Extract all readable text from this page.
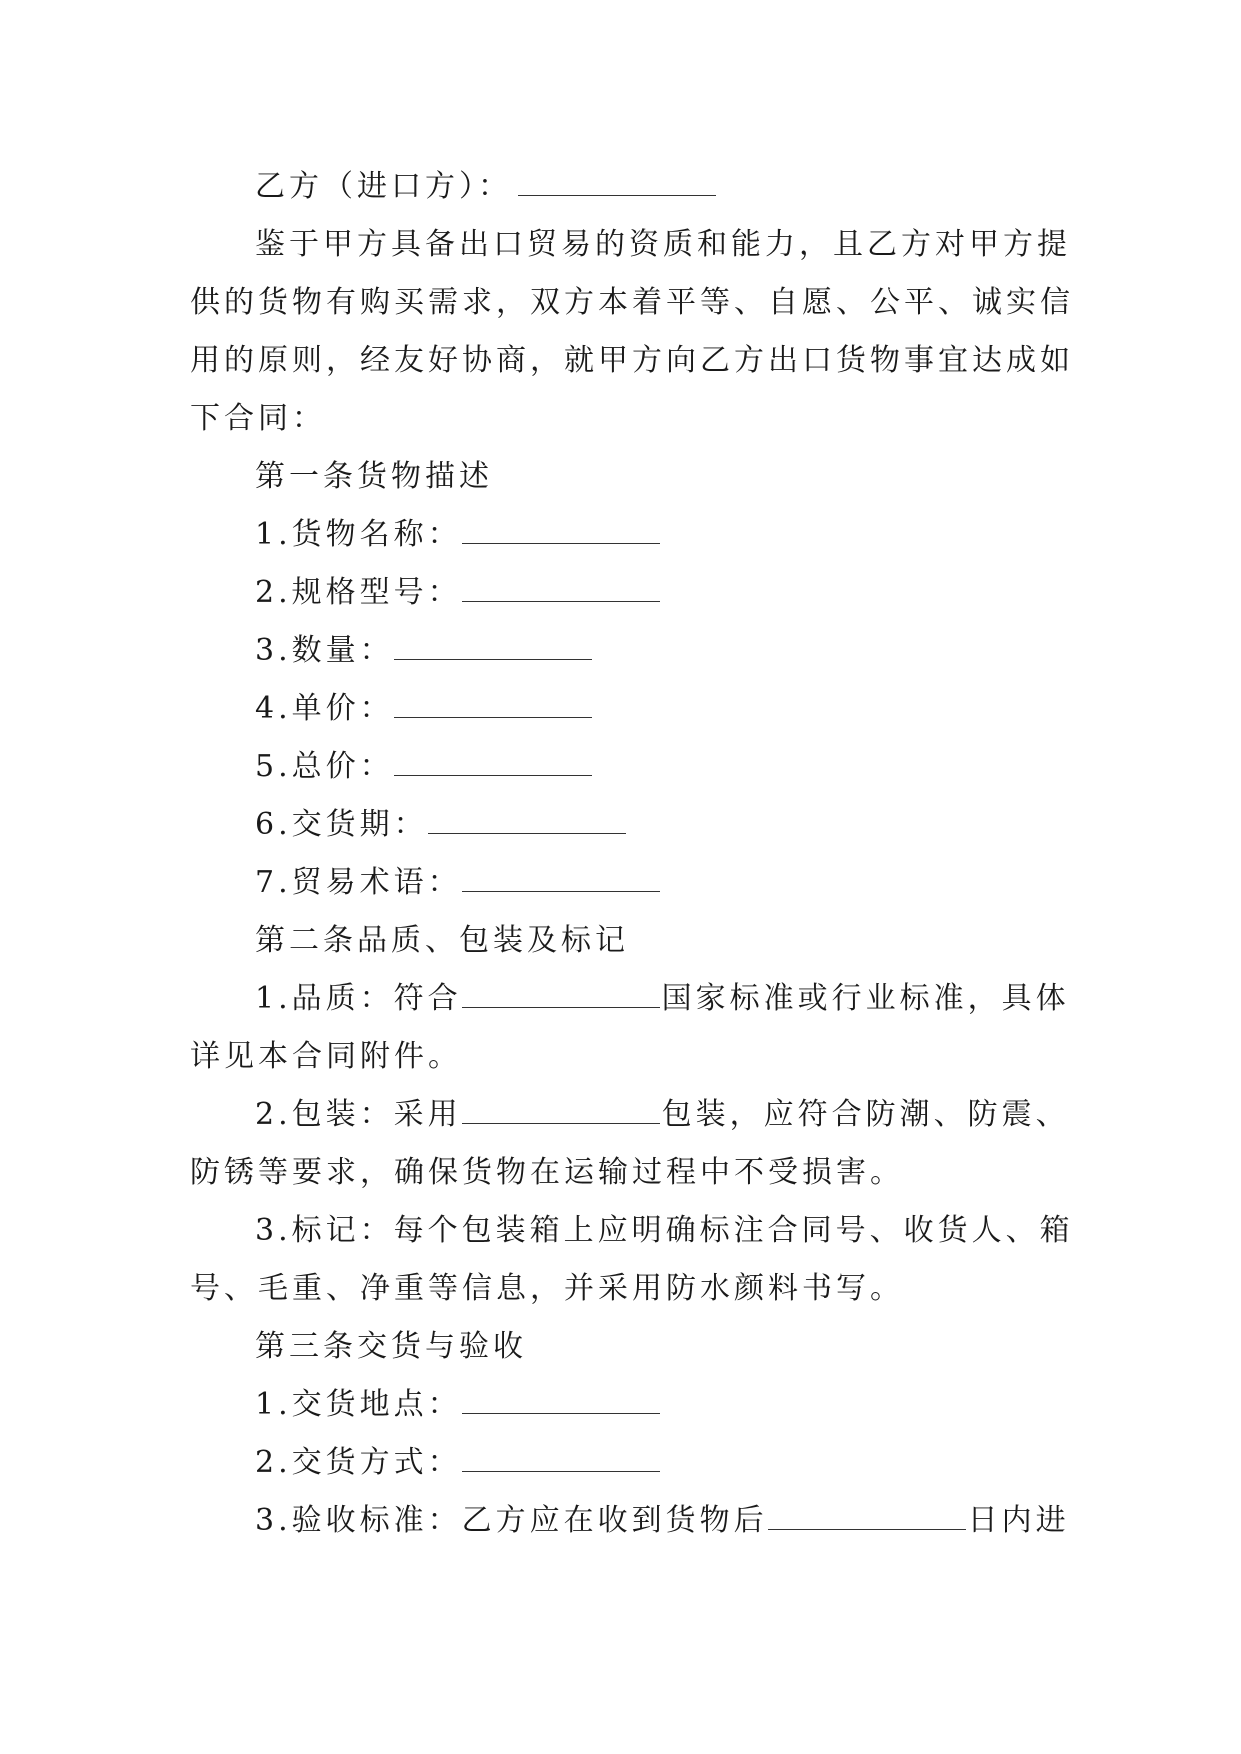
乙方（进口方）：
鉴于甲方具备出口贸易的资质和能力，且乙方对甲方提
供的货物有购买需求，双方本着平等、自愿、公平、诚实信
用的原则，经友好协商，就甲方向乙方出口货物事宜达成如
下合同：
第一条货物描述
1.货物名称：
2.规格型号：
3.数量：
4.单价：
5.总价：
6.交货期：
7.贸易术语：
第二条品质、包装及标记
1.品质：符合	国家标准或行业标准，具体
详见本合同附件。
2.包装：采用	包装，应符合防潮、防震、
防锈等要求，确保货物在运输过程中不受损害。
3.标记：每个包装箱上应明确标注合同号、收货人、箱
号、毛重、净重等信息，并采用防水颜料书写。
第三条交货与验收
1.交货地点：
2.交货方式：
3.验收标准：乙方应在收到货物后	日内进
